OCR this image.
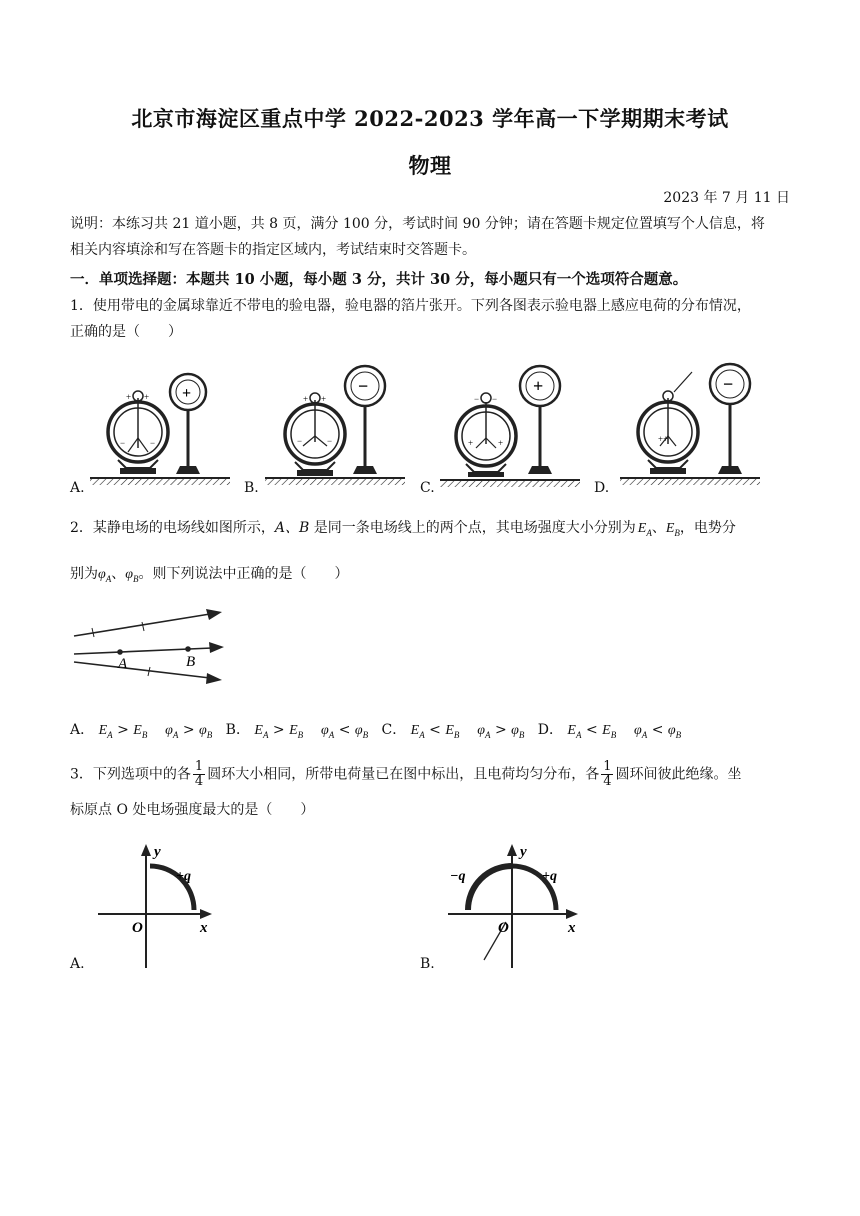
北京市海淀区重点中学 2022-2023 学年高一下学期期末考试
物理
2023 年 7 月 11 日
说明：本练习共 21 道小题，共 8 页，满分 100 分，考试时间 90 分钟；请在答题卡规定位置填写个人信息，将
相关内容填涂和写在答题卡的指定区域内，考试结束时交答题卡。
一．单项选择题：本题共 10 小题，每小题 3 分，共计 30 分，每小题只有一个选项符合题意。
1．使用带电的金属球靠近不带电的验电器，验电器的箔片张开。下列各图表示验电器上感应电荷的分布情况，
正确的是（　　）
+ +
−	−
+	+ +
−	−
−
− −
+	+
+
++
−
A.	B.	C.	D.
2．某静电场的电场线如图所示，A、B 是同一条电场线上的两个点，其电场强度大小分别为 $E_A$、$E_B$，电势分
别为$\varphi_A$、$\varphi_B$。则下列说法中正确的是（　　）
A	B
A． $E_A > E_B$ $\varphi_A > \varphi_B$ B． $E_A > E_B$ $\varphi_A < \varphi_B$ C． $E_A < E_B$ $\varphi_A > \varphi_B$ D． $E_A < E_B$ $\varphi_A < \varphi_B$
3．下列选项中的各 $\frac{1}{4}$ 圆环大小相同，所带电荷量已在图中标出，且电荷均匀分布，各 $\frac{1}{4}$ 圆环间彼此绝缘。坐
标原点 O 处电场强度最大的是（　　）
y
+q
O	x
A.
−q
y
+q
O	x
B.
